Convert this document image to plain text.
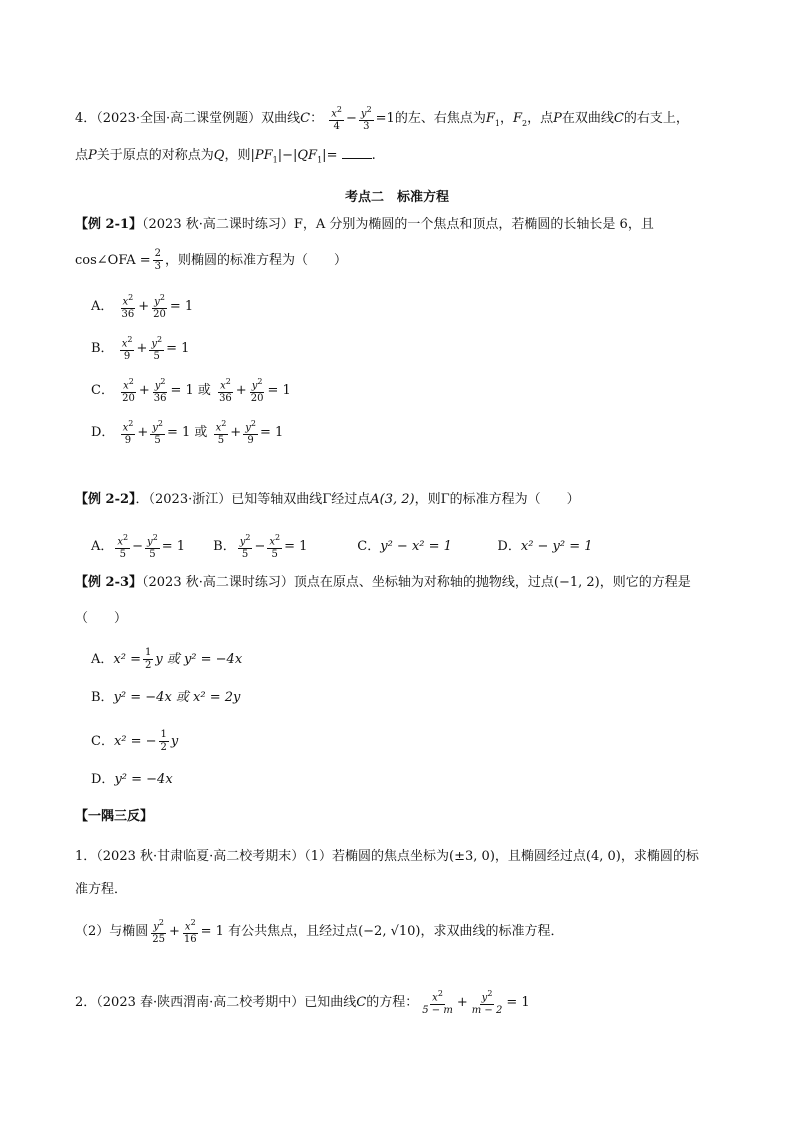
4．（2023·全国·高二课堂例题）双曲线C： $\frac{x^2}{4} - \frac{y^2}{3} =1$的左、右焦点为$F_1$，$F_2$，点P在双曲线C的右支上，
点P关于原点的对称点为Q，则$|PF_1|-|QF_1|=$	.
考点二　标准方程
【例 2-1】（2023 秋·高二课时练习）F，A 分别为椭圆的一个焦点和顶点，若椭圆的长轴长是 6，且
cos∠OFA = $\frac{2}{3}$ ，则椭圆的标准方程为（　　）
A． $\frac{x^2}{36} + \frac{y^2}{20} = 1$
B． $\frac{x^2}{9} + \frac{y^2}{5} = 1$
C． $\frac{x^2}{20} + \frac{y^2}{36} = 1$ 或 $\frac{x^2}{36} + \frac{y^2}{20} = 1$
D． $\frac{x^2}{9} + \frac{y^2}{5} = 1$ 或 $\frac{x^2}{5} + \frac{y^2}{9} = 1$
【例 2-2】．（2023·浙江）已知等轴双曲线Γ经过点A(3, 2)，则Γ的标准方程为（　　）
A． $\frac{x^2}{5} - \frac{y^2}{5} = 1$ B． $\frac{y^2}{5} - \frac{x^2}{5} = 1$	C．y² − x² = 1	D．x² − y² = 1
【例 2-3】（2023 秋·高二课时练习）顶点在原点、坐标轴为对称轴的抛物线，过点(−1, 2)，则它的方程是
（　　）
A．$x^2 = \frac{1}{2}$ y 或 y² = −4x
B．y² = −4x 或 x² = 2y
C．x² = − $\frac{1}{2}$ y
D．y² = −4x
【一隅三反】
1．（2023 秋·甘肃临夏·高二校考期末）（1）若椭圆的焦点坐标为(±3, 0)，且椭圆经过点(4, 0)，求椭圆的标
准方程．
（2）与椭圆 $\frac{y^2}{25} + \frac{x^2}{16} = 1$ 有公共焦点，且经过点(−2, √10)，求双曲线的标准方程．
2．（2023 春·陕西渭南·高二校考期中）已知曲线C的方程： $\frac{x^2}{5 - m} + \frac{y^2}{m - 2} = 1$
